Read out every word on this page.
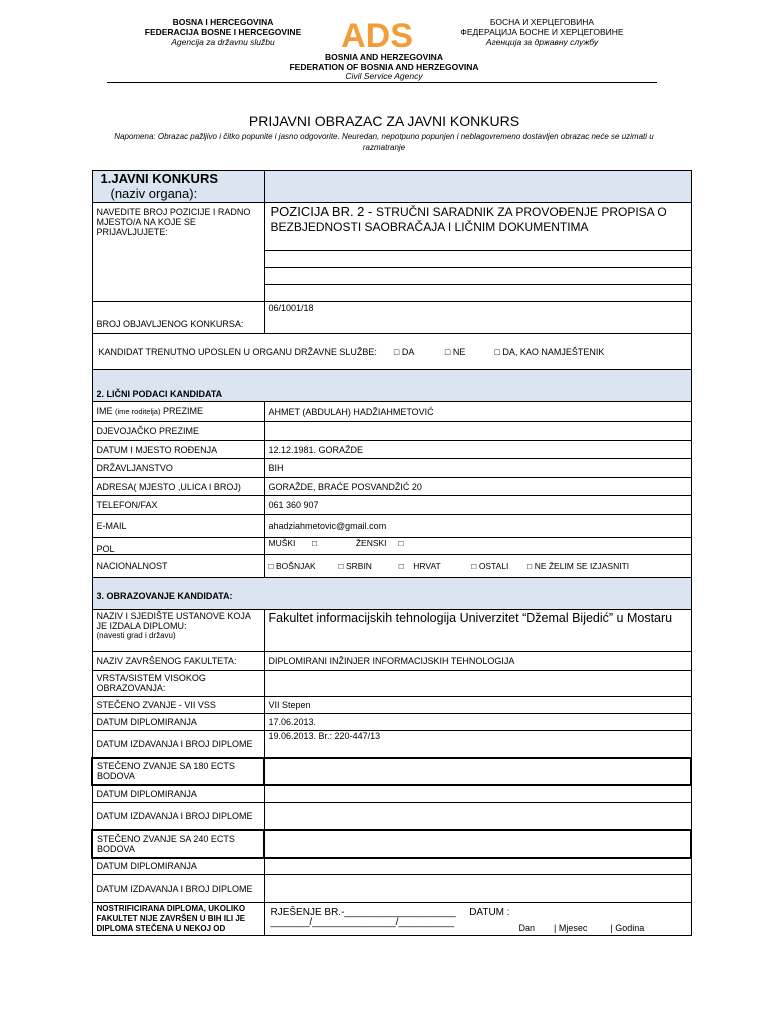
BOSNA I HERCEGOVINA
FEDERACIJA BOSNE I HERCEGOVINE
Agencija za državnu službu	ADS	БОСНА И ХЕРЦЕГОВИНА
ФЕДЕРАЦИЈА БОСНЕ И ХЕРЦЕГОВИНЕ
Агенција за државну службу
BOSNIA AND HERZEGOVINA
FEDERATION OF BOSNIA AND HERZEGOVINA
Civil Service Agency
PRIJAVNI OBRAZAC ZA JAVNI KONKURS
Napomena: Obrazac pažljivo i čitko popunite i jasno odgovorite. Neuredan, nepotpuno popunjen i neblagovremeno dostavljen obrazac neće se uzimati u razmatranje
1.JAVNI KONKURS
(naziv organa):	

NAVEDITE BROJ POZICIJE I RADNO MJESTO/A NA KOJE SE PRIJAVLJUJETE:	POZICIJA BR. 2 - STRUČNI SARADNIK ZA PROVOĐENJE PROPISA O BEZBJEDNOSTI SAOBRAČAJA I LIČNIM DOKUMENTIMA

BROJ OBJAVLJENOG KONKURSA:	06/1001/18
KANDIDAT TRENUTNO UPOSLEN U ORGANU DRŽAVNE SLUŽBE: □ DA □ NE □ DA, KAO NAMJEŠTENIK	
2. LIČNI PODACI KANDIDATA	
IME (ime roditelja) PREZIME	AHMET (ABDULAH) HADŽIAHMETOVIĆ
DJEVOJAČKO PREZIME	
DATUM I MJESTO ROĐENJA	12.12.1981. GORAŽDE
DRŽAVLJANSTVO	BIH
ADRESA( MJESTO ,ULICA I BROJ)	GORAŽDE, BRAĆE POSVANDŽIĆ 20
TELEFON/FAX	061 360 907
E-MAIL	ahadziahmetovic@gmail.com
POL	MUŠKI □ ŽENSKI □
NACIONALNOST	□ BOŠNJAK □ SRBIN □ HRVAT □ OSTALI □ NE ŽELIM SE IZJASNITI
3. OBRAZOVANJE KANDIDATA:	

NAZIV I SJEDIŠTE USTANOVE KOJA JE IZDALA DIPLOMU:
(navesti grad i državu)	Fakultet informacijskih tehnologija Univerzitet “Džemal Bijedić” u Mostaru
NAZIV ZAVRŠENOG FAKULTETA:	DIPLOMIRANI INŽINJER INFORMACIJSKIH TEHNOLOGIJA
VRSTA/SISTEM VISOKOG OBRAZOVANJA:	
STEČENO ZVANJE - VII VSS	VII Stepen
DATUM DIPLOMIRANJA	17.06.2013.
DATUM IZDAVANJA I BROJ DIPLOME	19.06.2013. Br.: 220-447/13
STEČENO ZVANJE SA 180 ECTS BODOVA	
DATUM DIPLOMIRANJA	
DATUM IZDAVANJA I BROJ DIPLOME	
STEČENO ZVANJE SA 240 ECTS BODOVA	
DATUM DIPLOMIRANJA	
DATUM IZDAVANJA I BROJ DIPLOME	
NOSTRIFICIRANA DIPLOMA, UKOLIKO FAKULTET NIJE ZAVRŠEN U BIH ILI JE DIPLOMA STEČENA U NEKOJ OD	RJEŠENJE BR.-____________________ DATUM : _______/_______________/__________ Dan | Mjesec | Godina
